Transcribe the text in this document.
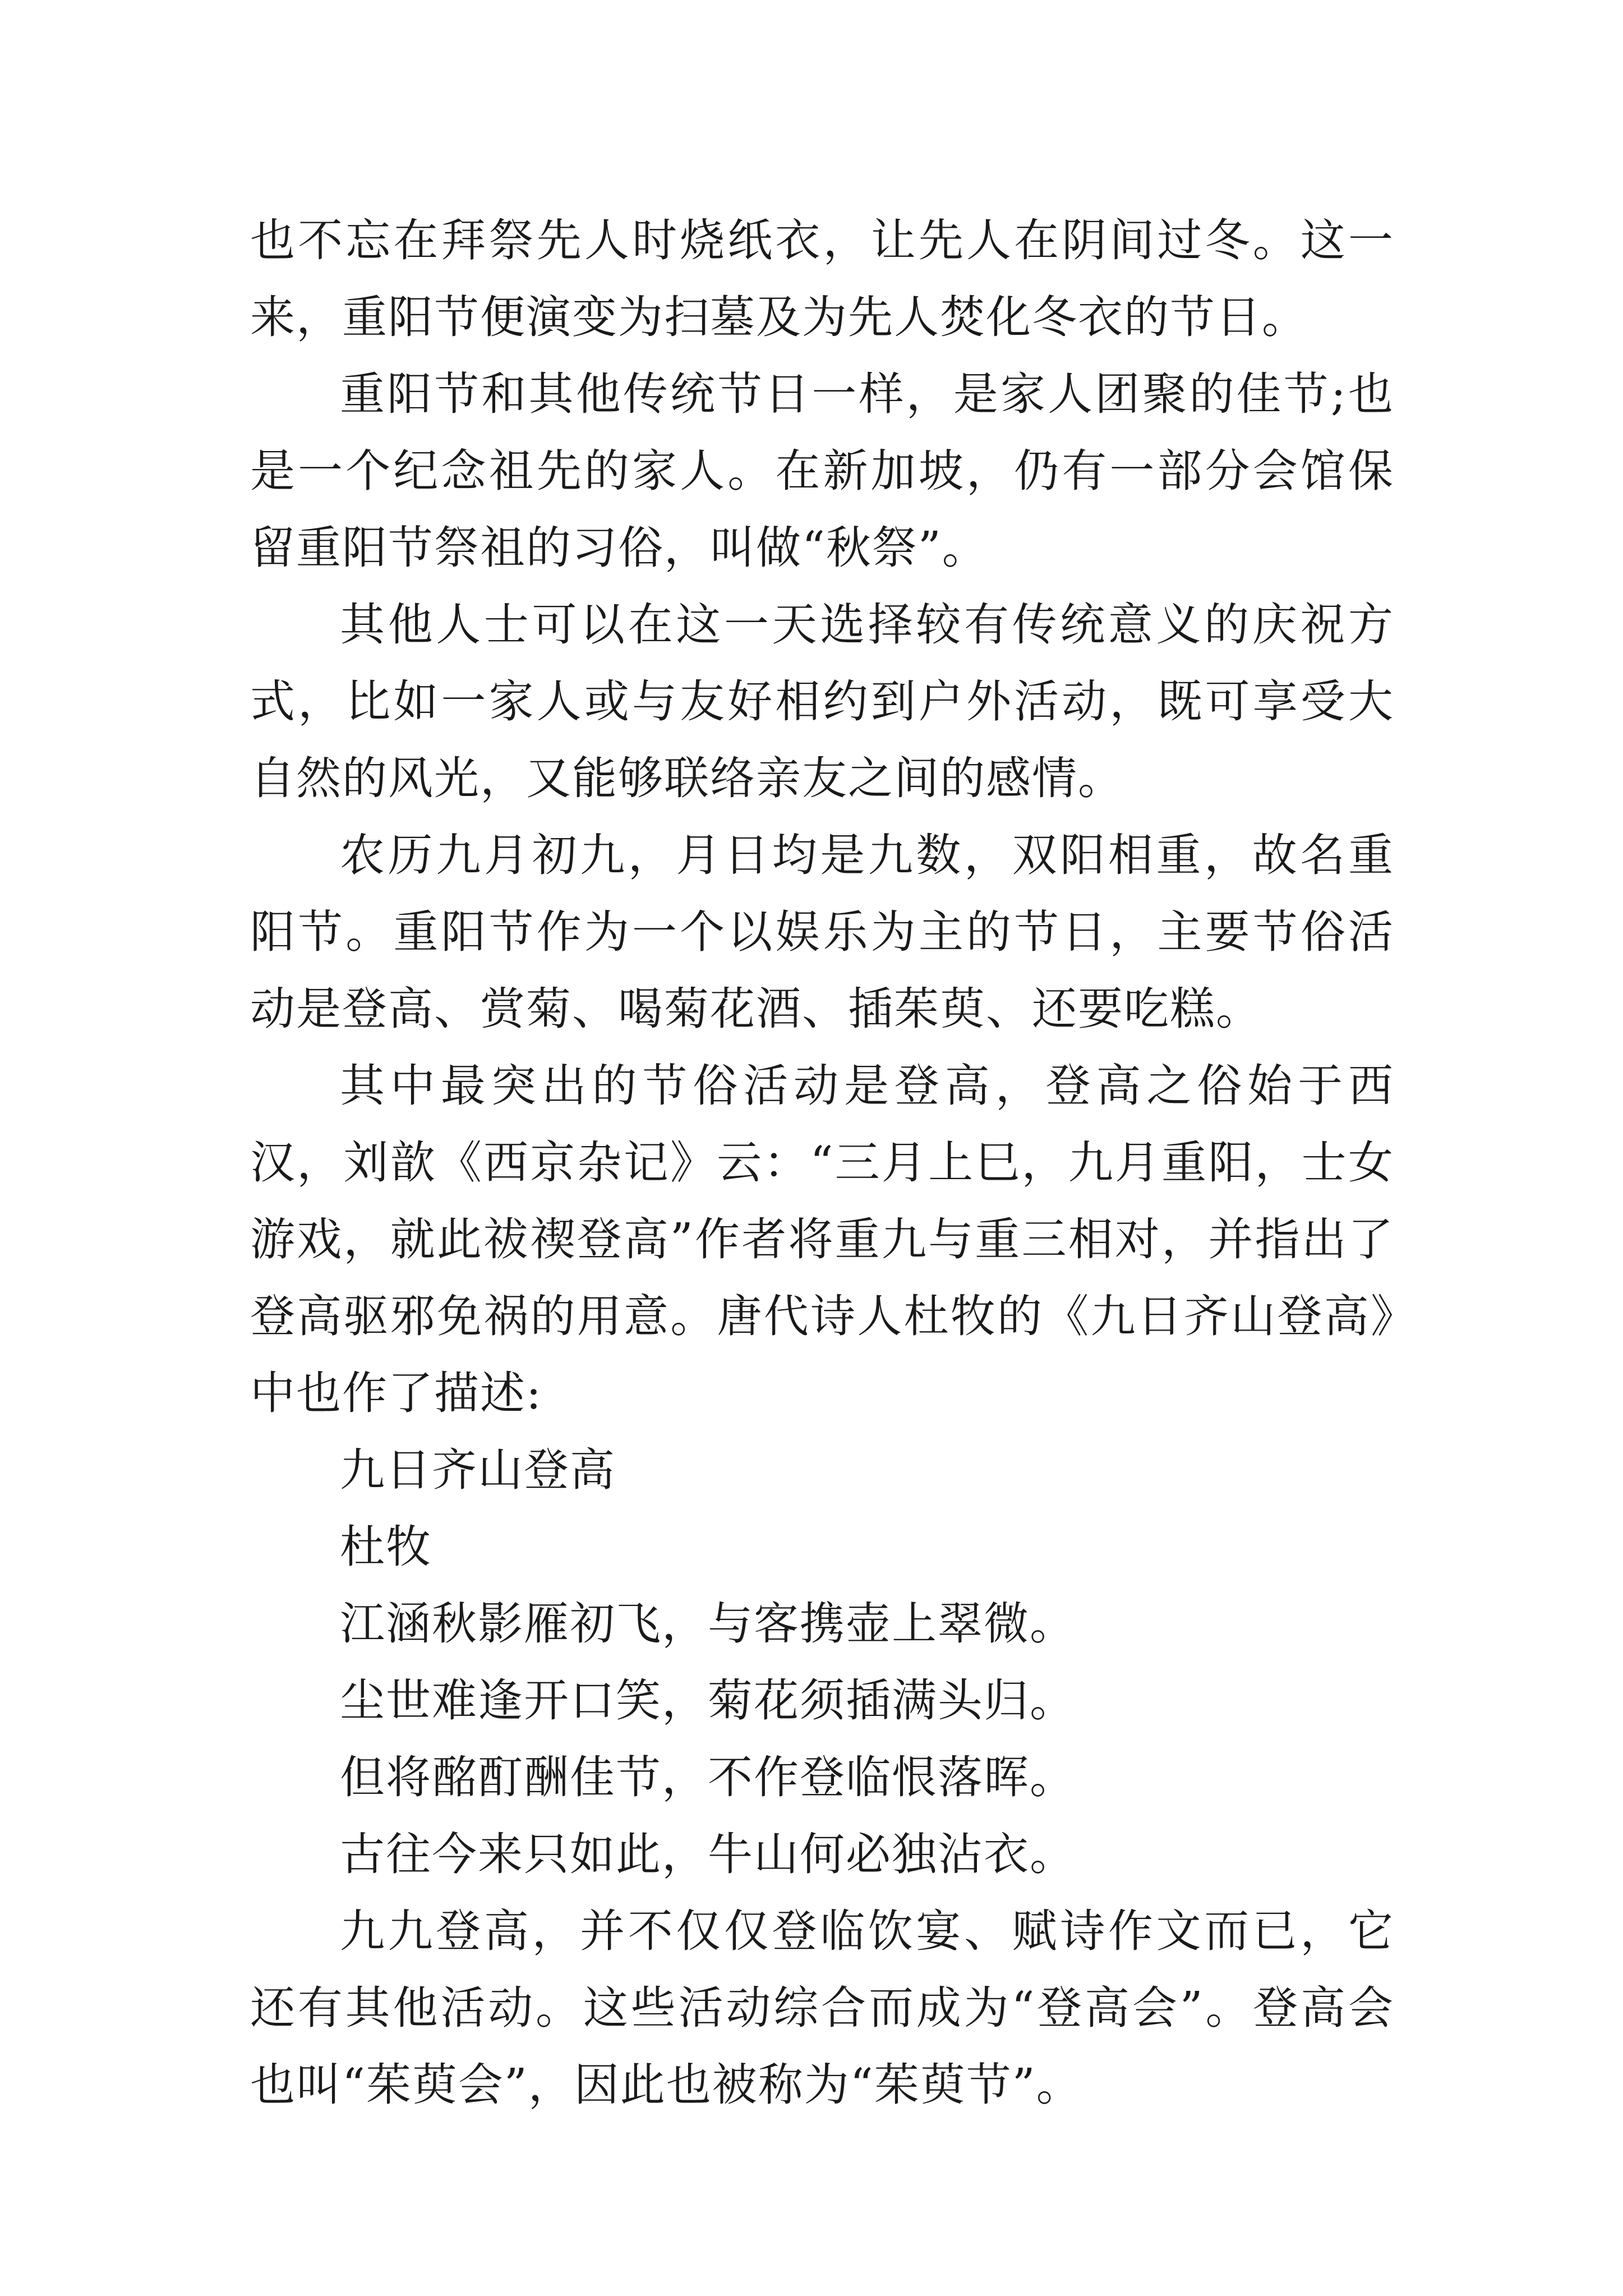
也不忘在拜祭先人时烧纸衣，让先人在阴间过冬。这一来，重阳节便演变为扫墓及为先人焚化冬衣的节日。

重阳节和其他传统节日一样，是家人团聚的佳节;也是一个纪念祖先的家人。在新加坡，仍有一部分会馆保留重阳节祭祖的习俗，叫做“秋祭”。

其他人士可以在这一天选择较有传统意义的庆祝方式，比如一家人或与友好相约到户外活动，既可享受大自然的风光，又能够联络亲友之间的感情。

农历九月初九，月日均是九数，双阳相重，故名重阳节。重阳节作为一个以娱乐为主的节日，主要节俗活动是登高、赏菊、喝菊花酒、插茱萸、还要吃糕。

其中最突出的节俗活动是登高，登高之俗始于西汉，刘歆《西京杂记》云：“三月上巳，九月重阳，士女游戏，就此祓禊登高”作者将重九与重三相对，并指出了登高驱邪免祸的用意。唐代诗人杜牧的《九日齐山登高》中也作了描述:

九日齐山登高

杜牧

江涵秋影雁初飞，与客携壶上翠微。

尘世难逢开口笑，菊花须插满头归。

但将酩酊酬佳节，不作登临恨落晖。

古往今来只如此，牛山何必独沾衣。

九九登高，并不仅仅登临饮宴、赋诗作文而已，它还有其他活动。这些活动综合而成为“登高会”。登高会也叫“茱萸会”，因此也被称为“茱萸节”。
